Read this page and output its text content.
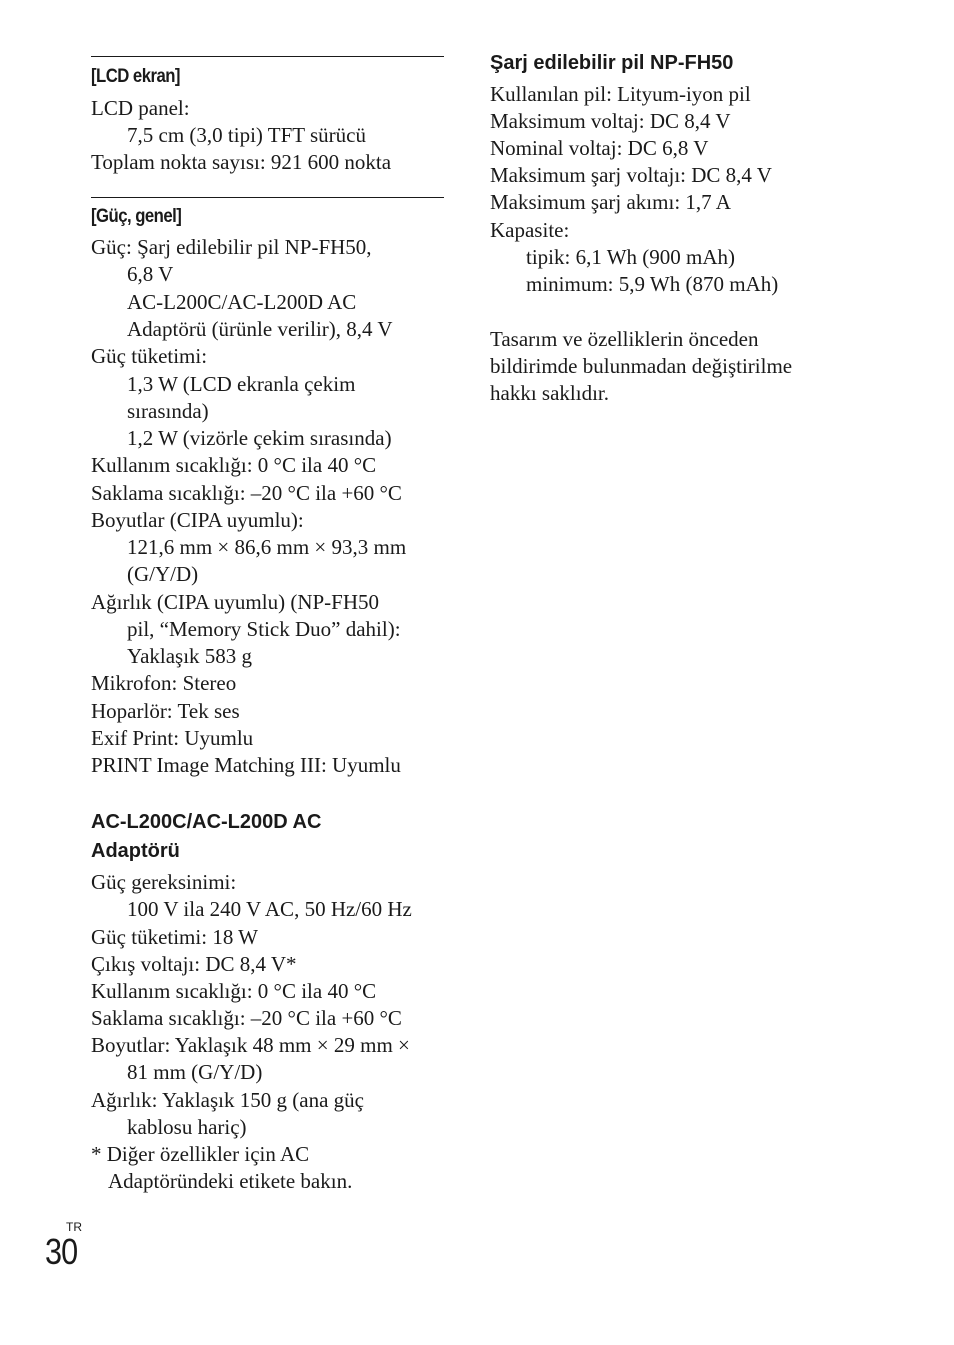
[LCD ekran]
LCD panel:
7,5 cm (3,0 tipi) TFT sürücü
Toplam nokta sayısı: 921 600 nokta
[Güç, genel]
Güç: Şarj edilebilir pil NP-FH50,
6,8 V
AC-L200C/AC-L200D AC
Adaptörü (ürünle verilir), 8,4 V
Güç tüketimi:
1,3 W (LCD ekranla çekim
sırasında)
1,2 W (vizörle çekim sırasında)
Kullanım sıcaklığı: 0 °C ila 40 °C
Saklama sıcaklığı: –20 °C ila +60 °C
Boyutlar (CIPA uyumlu):
121,6 mm × 86,6 mm × 93,3 mm
(G/Y/D)
Ağırlık (CIPA uyumlu) (NP-FH50
pil, “Memory Stick Duo” dahil):
Yaklaşık 583 g
Mikrofon: Stereo
Hoparlör: Tek ses
Exif Print: Uyumlu
PRINT Image Matching III: Uyumlu
AC-L200C/AC-L200D AC
Adaptörü
Güç gereksinimi:
100 V ila 240 V AC, 50 Hz/60 Hz
Güç tüketimi: 18 W
Çıkış voltajı: DC 8,4 V*
Kullanım sıcaklığı: 0 °C ila 40 °C
Saklama sıcaklığı: –20 °C ila +60 °C
Boyutlar: Yaklaşık 48 mm × 29 mm ×
81 mm (G/Y/D)
Ağırlık: Yaklaşık 150 g (ana güç
kablosu hariç)
* Diğer özellikler için AC
Adaptöründeki etikete bakın.
Şarj edilebilir pil NP-FH50
Kullanılan pil: Lityum-iyon pil
Maksimum voltaj: DC 8,4 V
Nominal voltaj: DC 6,8 V
Maksimum şarj voltajı: DC 8,4 V
Maksimum şarj akımı: 1,7 A
Kapasite:
tipik: 6,1 Wh (900 mAh)
minimum: 5,9 Wh (870 mAh)
Tasarım ve özelliklerin önceden
bildirimde bulunmadan değiştirilme
hakkı saklıdır.
TR
30
